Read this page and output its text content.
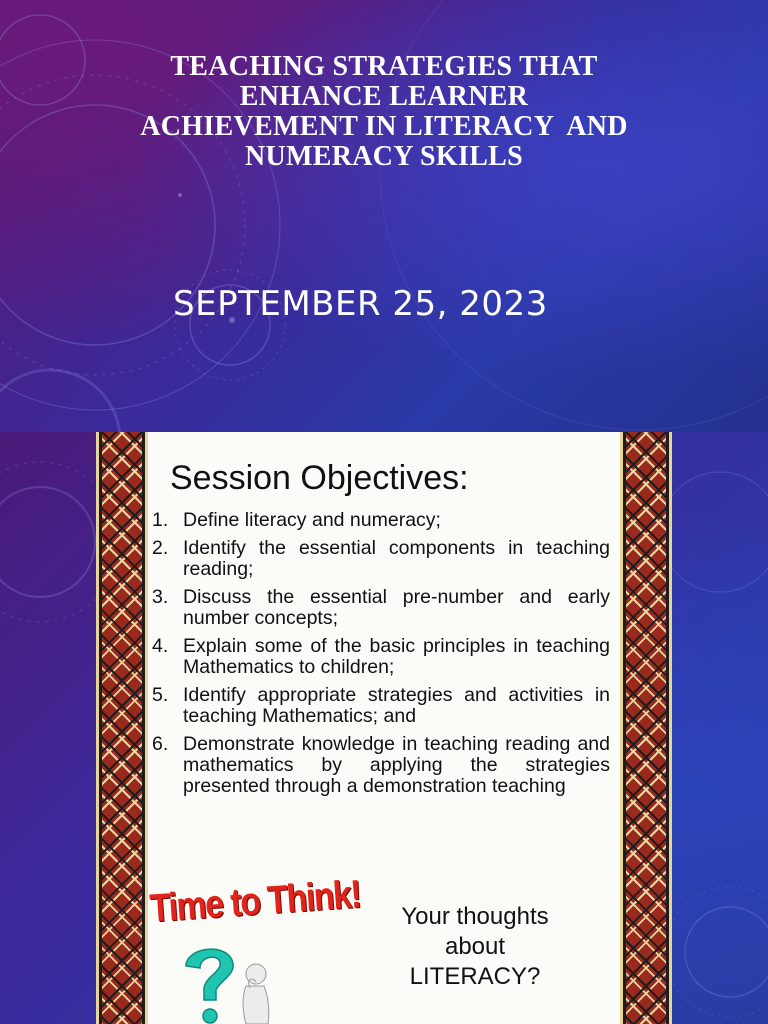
TEACHING STRATEGIES THAT
ENHANCE LEARNER
ACHIEVEMENT IN LITERACY  AND
NUMERACY SKILLS
SEPTEMBER 25, 2023
Session Objectives:
1. Define literacy and numeracy;
2. Identify the essential components in teaching reading;
3. Discuss the essential pre-number and early number concepts;
4. Explain some of the basic principles in teaching Mathematics to children;
5. Identify appropriate strategies and activities in teaching Mathematics; and
6. Demonstrate knowledge in teaching reading and mathematics by applying the strategies presented through a demonstration teaching
Time to Think!	Your thoughts
about
LITERACY?
